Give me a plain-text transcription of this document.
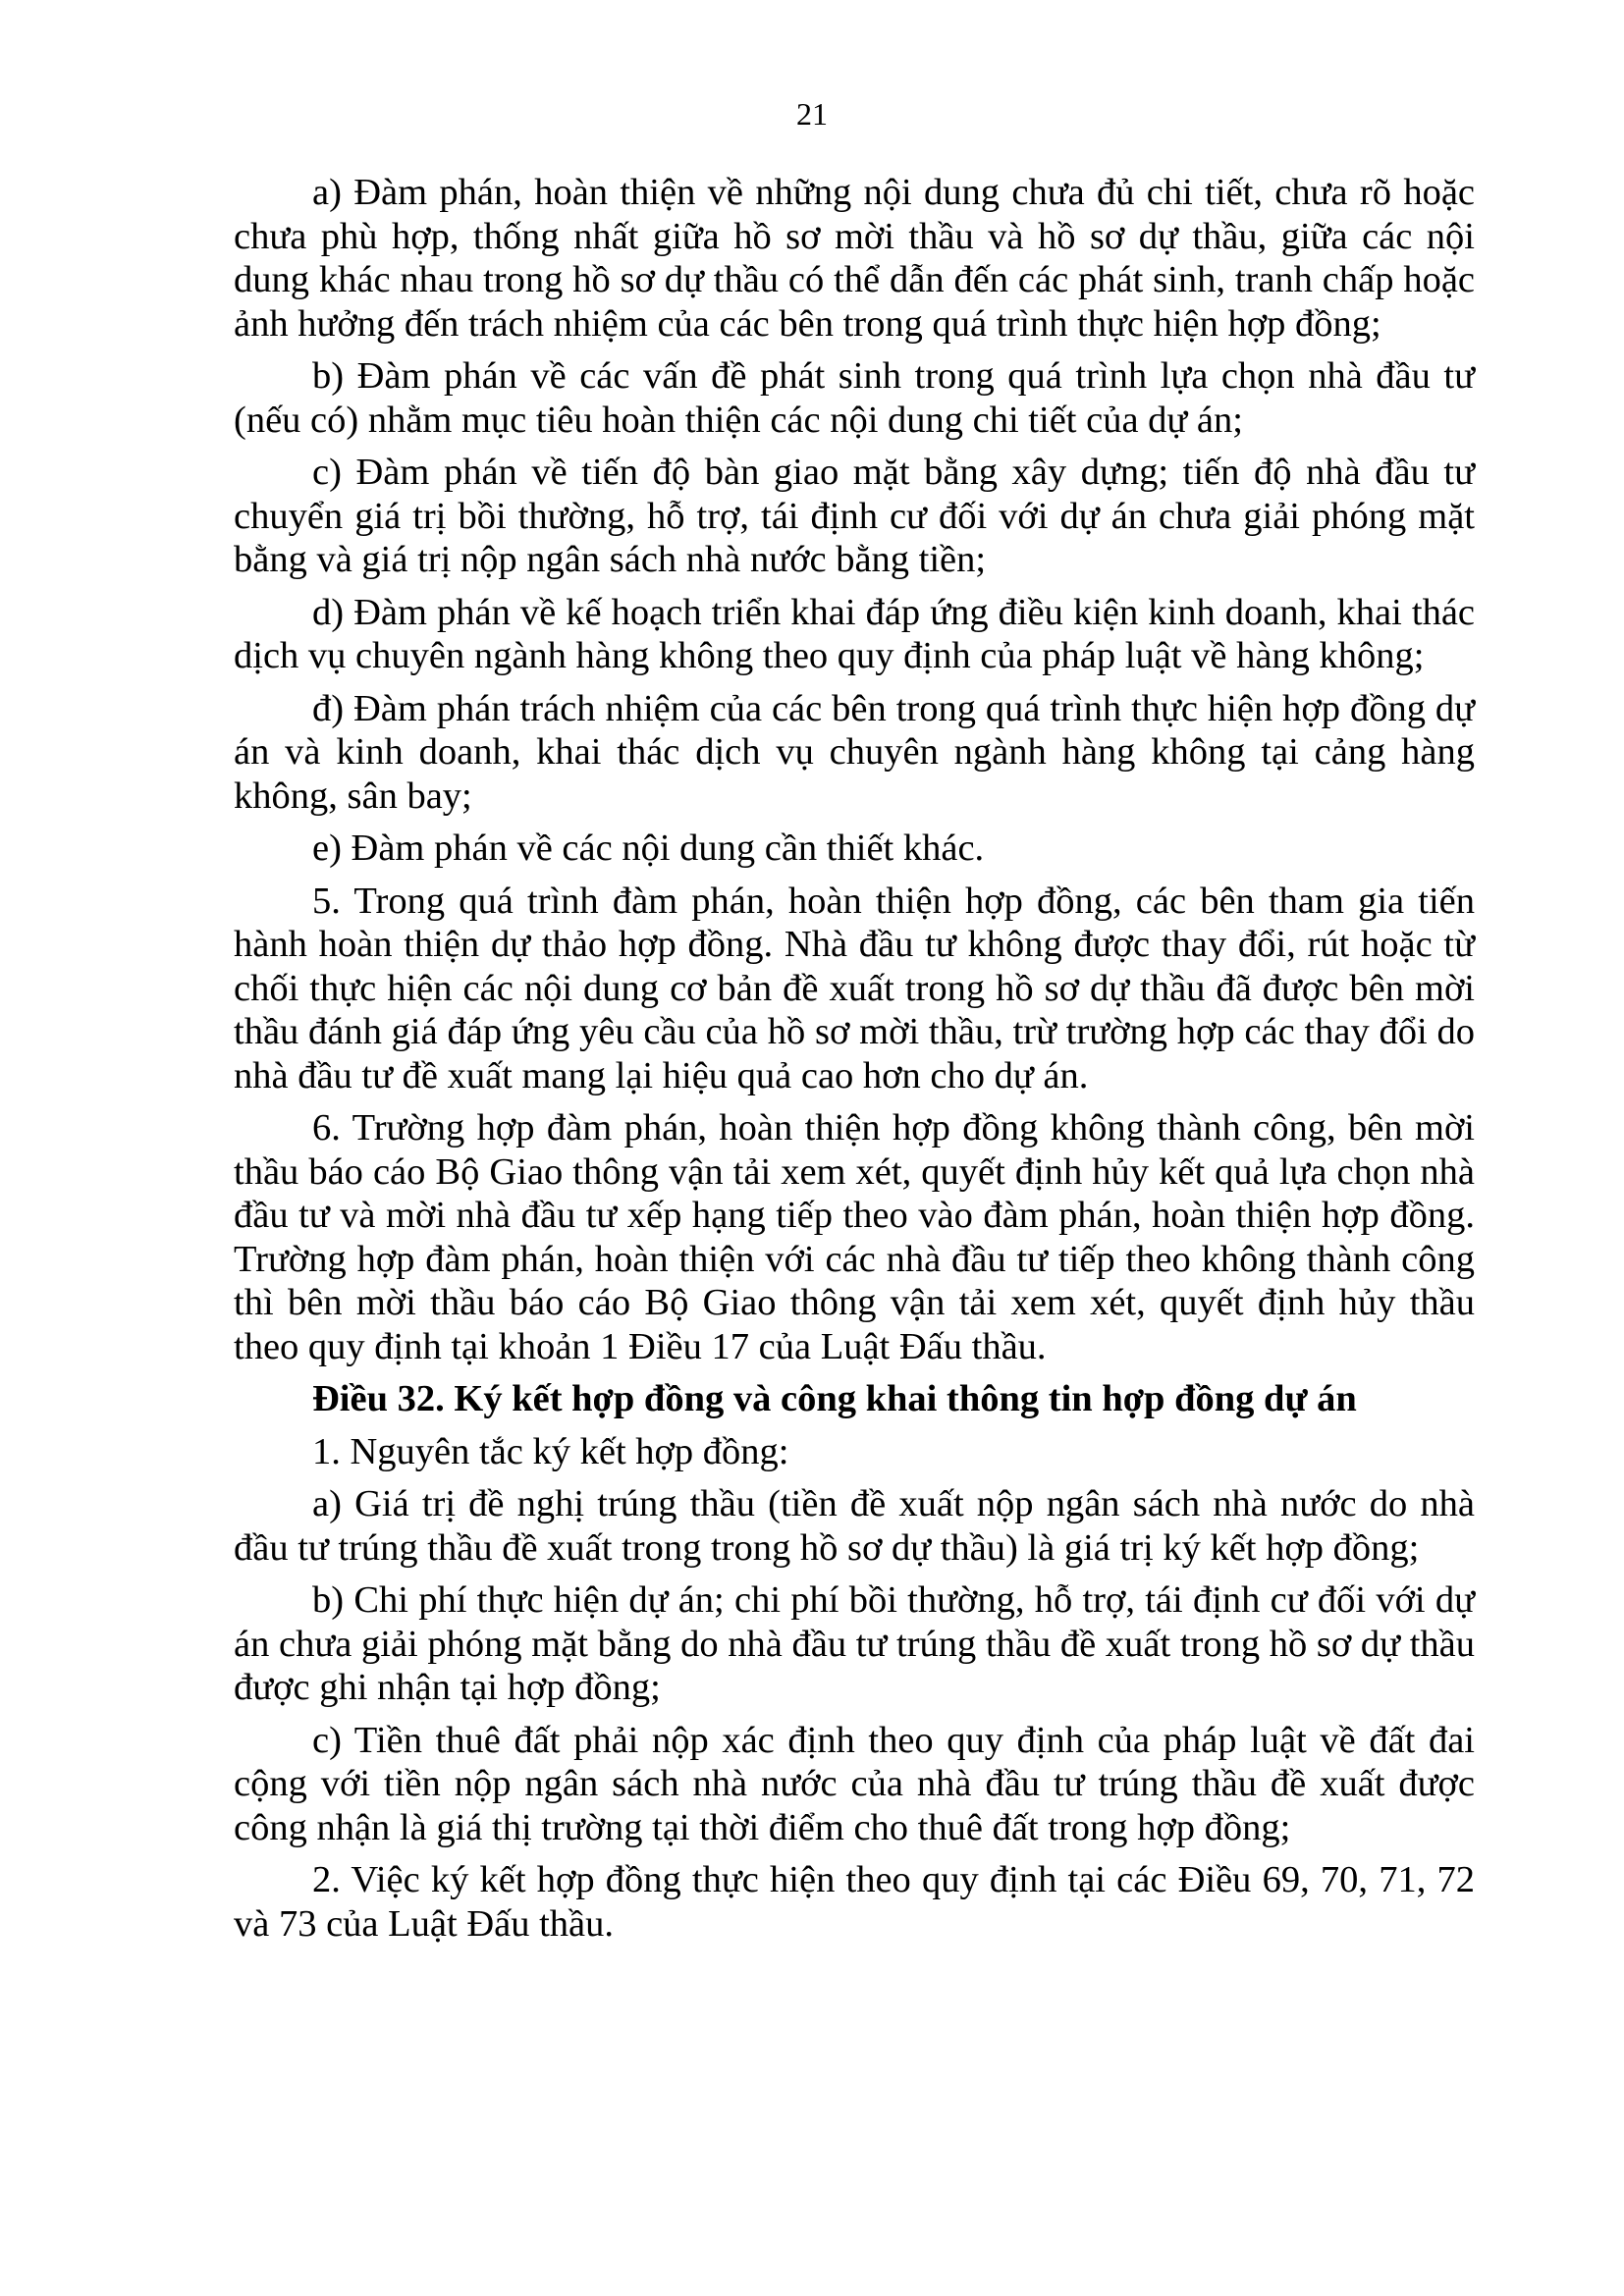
21

a) Đàm phán, hoàn thiện về những nội dung chưa đủ chi tiết, chưa rõ hoặc chưa phù hợp, thống nhất giữa hồ sơ mời thầu và hồ sơ dự thầu, giữa các nội dung khác nhau trong hồ sơ dự thầu có thể dẫn đến các phát sinh, tranh chấp hoặc ảnh hưởng đến trách nhiệm của các bên trong quá trình thực hiện hợp đồng;

b) Đàm phán về các vấn đề phát sinh trong quá trình lựa chọn nhà đầu tư (nếu có) nhằm mục tiêu hoàn thiện các nội dung chi tiết của dự án;

c) Đàm phán về tiến độ bàn giao mặt bằng xây dựng; tiến độ nhà đầu tư chuyển giá trị bồi thường, hỗ trợ, tái định cư đối với dự án chưa giải phóng mặt bằng và giá trị nộp ngân sách nhà nước bằng tiền;

d) Đàm phán về kế hoạch triển khai đáp ứng điều kiện kinh doanh, khai thác dịch vụ chuyên ngành hàng không theo quy định của pháp luật về hàng không;

đ) Đàm phán trách nhiệm của các bên trong quá trình thực hiện hợp đồng dự án và kinh doanh, khai thác dịch vụ chuyên ngành hàng không tại cảng hàng không, sân bay;

e) Đàm phán về các nội dung cần thiết khác.

5. Trong quá trình đàm phán, hoàn thiện hợp đồng, các bên tham gia tiến hành hoàn thiện dự thảo hợp đồng. Nhà đầu tư không được thay đổi, rút hoặc từ chối thực hiện các nội dung cơ bản đề xuất trong hồ sơ dự thầu đã được bên mời thầu đánh giá đáp ứng yêu cầu của hồ sơ mời thầu, trừ trường hợp các thay đổi do nhà đầu tư đề xuất mang lại hiệu quả cao hơn cho dự án.

6. Trường hợp đàm phán, hoàn thiện hợp đồng không thành công, bên mời thầu báo cáo Bộ Giao thông vận tải xem xét, quyết định hủy kết quả lựa chọn nhà đầu tư và mời nhà đầu tư xếp hạng tiếp theo vào đàm phán, hoàn thiện hợp đồng. Trường hợp đàm phán, hoàn thiện với các nhà đầu tư tiếp theo không thành công thì bên mời thầu báo cáo Bộ Giao thông vận tải xem xét, quyết định hủy thầu theo quy định tại khoản 1 Điều 17 của Luật Đấu thầu.

Điều 32. Ký kết hợp đồng và công khai thông tin hợp đồng dự án

1. Nguyên tắc ký kết hợp đồng:

a) Giá trị đề nghị trúng thầu (tiền đề xuất nộp ngân sách nhà nước do nhà đầu tư trúng thầu đề xuất trong trong hồ sơ dự thầu) là giá trị ký kết hợp đồng;

b) Chi phí thực hiện dự án; chi phí bồi thường, hỗ trợ, tái định cư đối với dự án chưa giải phóng mặt bằng do nhà đầu tư trúng thầu đề xuất trong hồ sơ dự thầu được ghi nhận tại hợp đồng;

c) Tiền thuê đất phải nộp xác định theo quy định của pháp luật về đất đai cộng với tiền nộp ngân sách nhà nước của nhà đầu tư trúng thầu đề xuất được công nhận là giá thị trường tại thời điểm cho thuê đất trong hợp đồng;

2. Việc ký kết hợp đồng thực hiện theo quy định tại các Điều 69, 70, 71, 72 và 73 của Luật Đấu thầu.
